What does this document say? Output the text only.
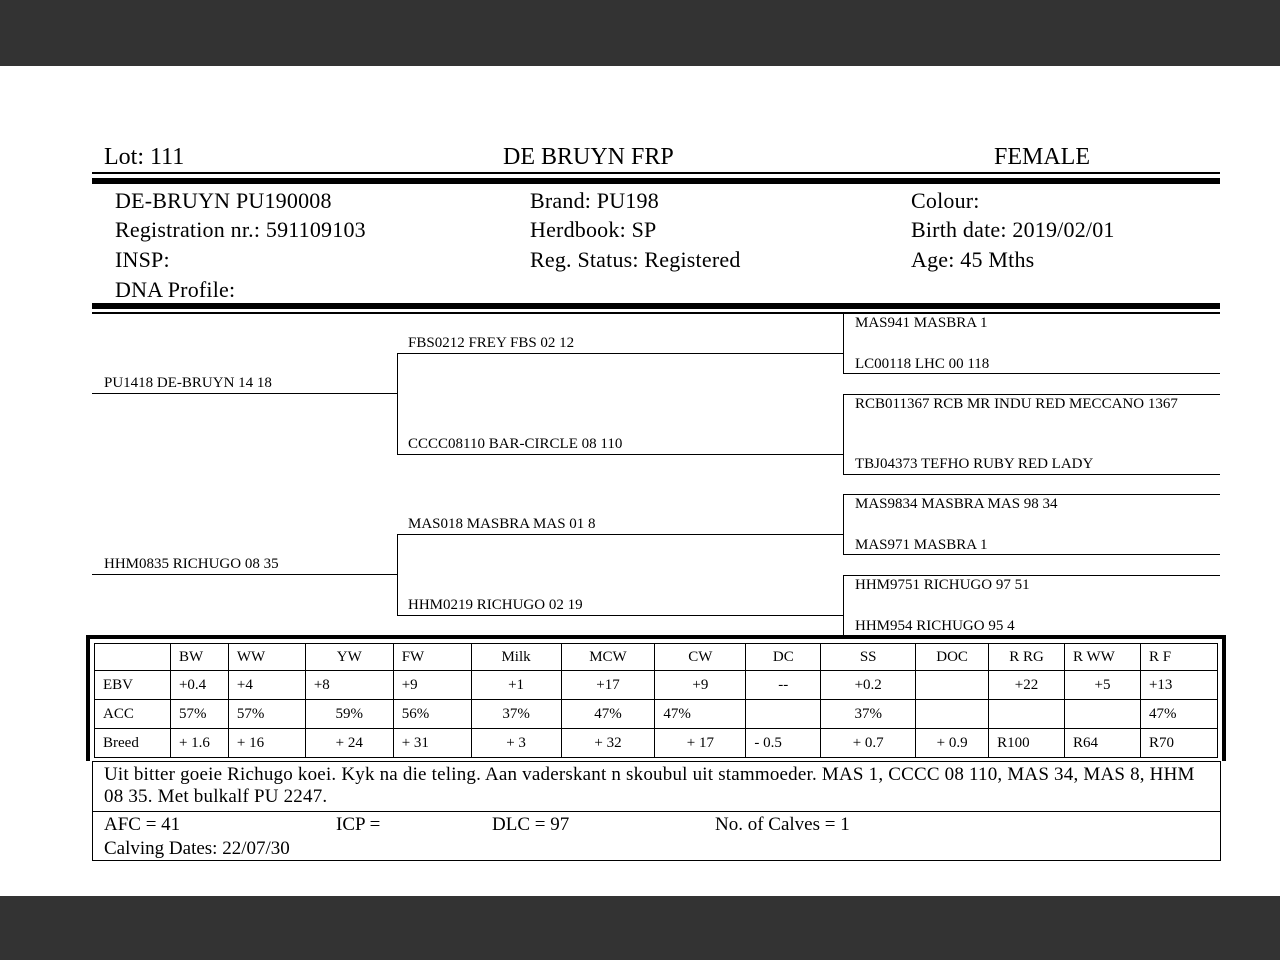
Lot: 111	DE BRUYN FRP	FEMALE
DE-BRUYN PU190008
Registration nr.: 591109103
INSP:
DNA Profile:
Brand: PU198
Herdbook: SP
Reg. Status: Registered
Colour:
Birth date: 2019/02/01
Age: 45 Mths
PU1418 DE-BRUYN 14 18
HHM0835 RICHUGO 08 35
FBS0212 FREY FBS 02 12
CCCC08110 BAR-CIRCLE 08 110
MAS018 MASBRA MAS 01 8
HHM0219 RICHUGO 02 19
MAS941 MASBRA 1
LC00118 LHC 00 118
RCB011367 RCB MR INDU RED MECCANO 1367
TBJ04373 TEFHO RUBY RED LADY
MAS9834 MASBRA MAS 98 34
MAS971 MASBRA 1
HHM9751 RICHUGO 97 51
HHM954 RICHUGO 95 4
	BW	WW	YW	FW	Milk	MCW	CW	DC	SS	DOC	R RG	R WW	R F
EBV	+0.4	+4	+8	+9	+1	+17	+9	--	+0.2		+22	+5	+13
ACC	57%	57%	59%	56%	37%	47%	47%		37%				47%
Breed	+ 1.6	+ 16	+ 24	+ 31	+ 3	+ 32	+ 17	- 0.5	+ 0.7	+ 0.9	R100	R64	R70
Uit bitter goeie Richugo koei. Kyk na die teling. Aan vaderskant n skoubul uit stammoeder. MAS 1, CCCC 08 110, MAS 34, MAS 8, HHM 08 35. Met bulkalf PU 2247.
AFC = 41	ICP =	DLC = 97	No. of Calves = 1
Calving Dates: 22/07/30
